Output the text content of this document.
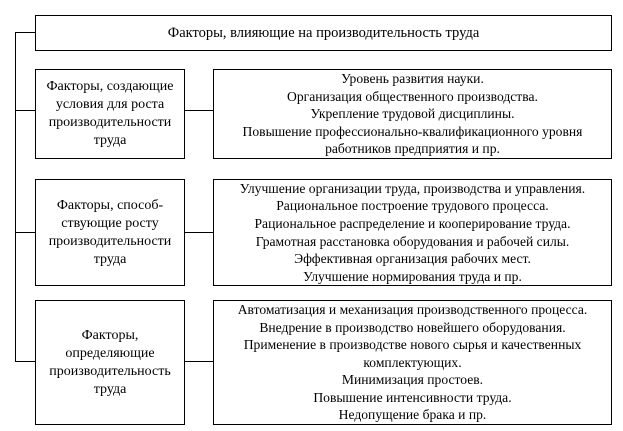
Факторы, влияющие на производительность труда
Факторы, создающие условия для роста производительности труда
Уровень развития науки.
Организация общественного производства.
Укрепление трудовой дисциплины.
Повышение профессионально-квалификационного уровня
работников предприятия и пр.
Факторы, способ-ствующие росту производительности труда
Улучшение организации труда, производства и управления.
Рациональное построение трудового процесса.
Рациональное распределение и кооперирование труда.
Грамотная расстановка оборудования и рабочей силы.
Эффективная организация рабочих мест.
Улучшение нормирования труда и пр.
Факторы, определяющие производительность труда
Автоматизация и механизация производственного процесса.
Внедрение в производство новейшего оборудования.
Применение в производстве нового сырья и качественных
комплектующих.
Минимизация простоев.
Повышение интенсивности труда.
Недопущение брака и пр.
